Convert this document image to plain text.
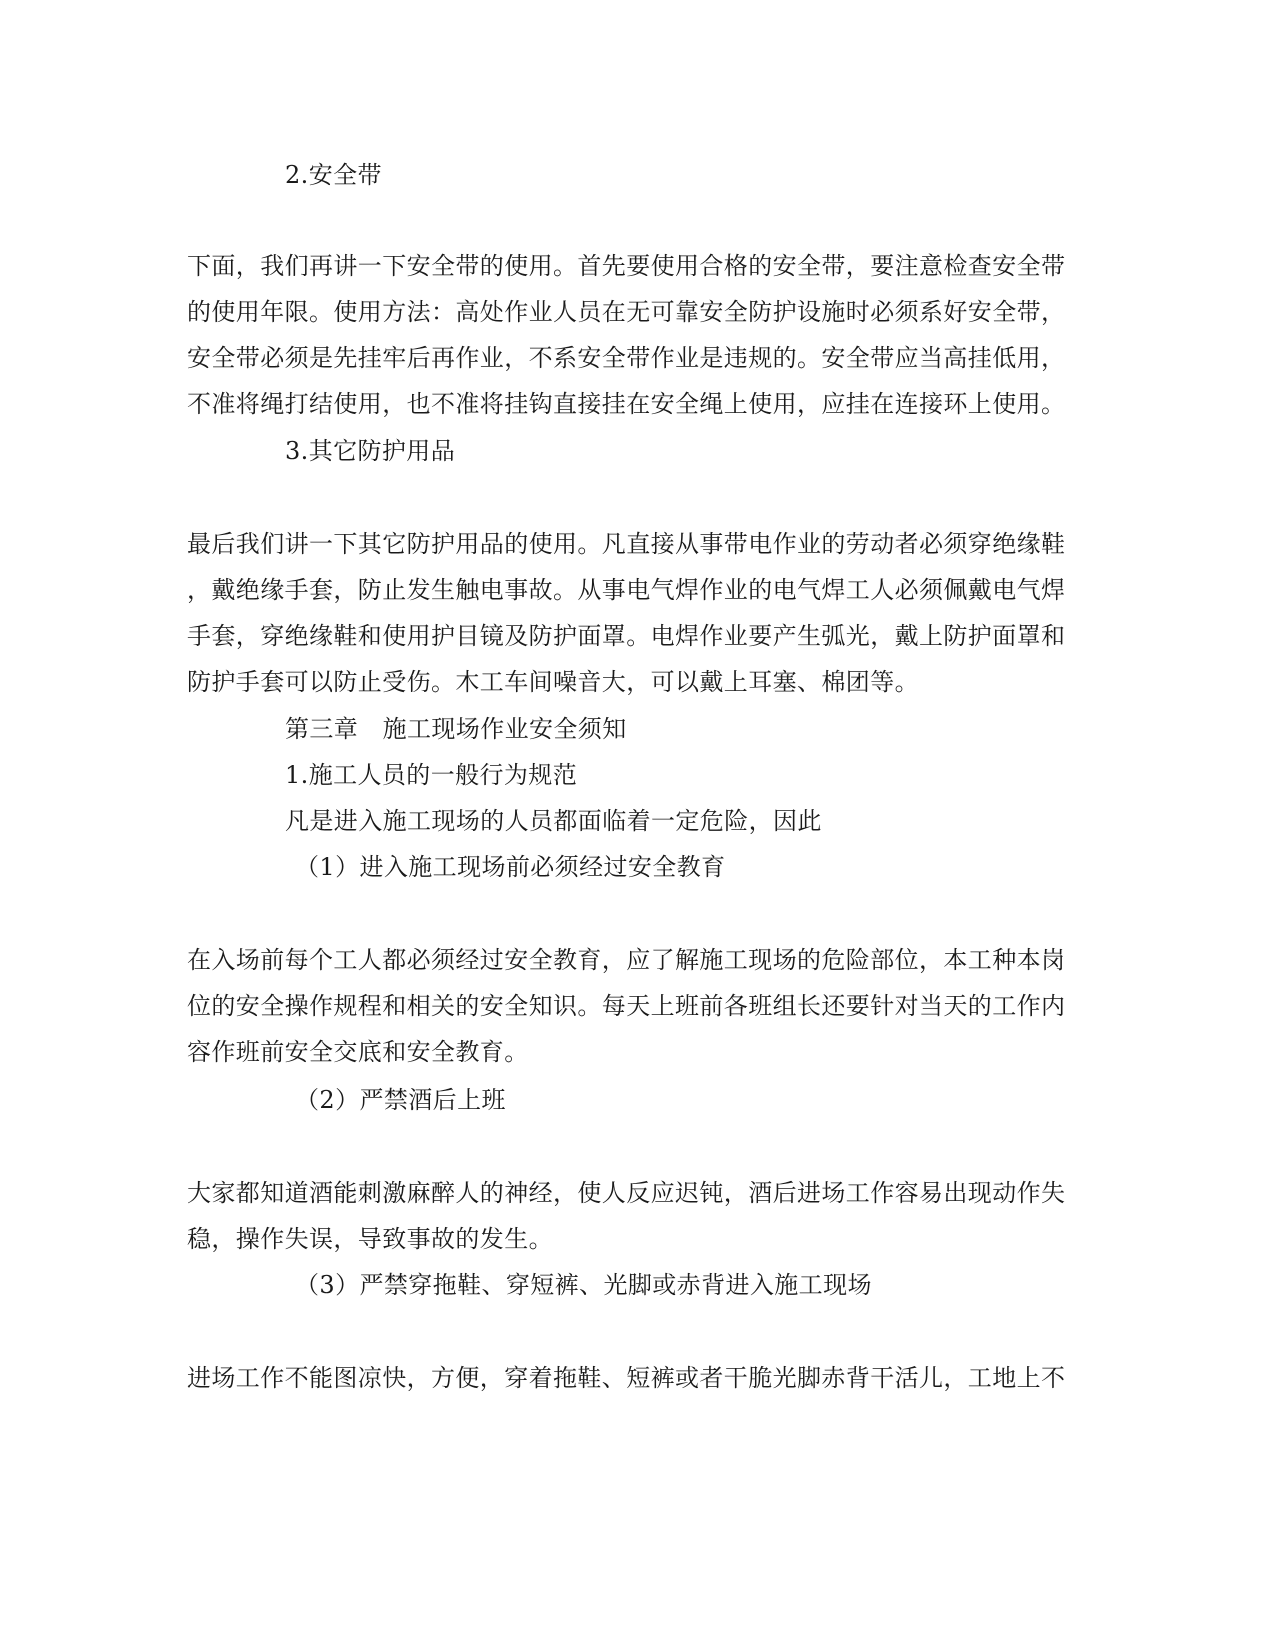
2.安全带
下面，我们再讲一下安全带的使用。首先要使用合格的安全带，要注意检查安全带
的使用年限。使用方法：高处作业人员在无可靠安全防护设施时必须系好安全带，
安全带必须是先挂牢后再作业，不系安全带作业是违规的。安全带应当高挂低用，
不准将绳打结使用，也不准将挂钩直接挂在安全绳上使用，应挂在连接环上使用。
3.其它防护用品
最后我们讲一下其它防护用品的使用。凡直接从事带电作业的劳动者必须穿绝缘鞋
，戴绝缘手套，防止发生触电事故。从事电气焊作业的电气焊工人必须佩戴电气焊
手套，穿绝缘鞋和使用护目镜及防护面罩。电焊作业要产生弧光，戴上防护面罩和
防护手套可以防止受伤。木工车间噪音大，可以戴上耳塞、棉团等。
第三章　施工现场作业安全须知
1.施工人员的一般行为规范
凡是进入施工现场的人员都面临着一定危险，因此
（1）进入施工现场前必须经过安全教育
在入场前每个工人都必须经过安全教育，应了解施工现场的危险部位，本工种本岗
位的安全操作规程和相关的安全知识。每天上班前各班组长还要针对当天的工作内
容作班前安全交底和安全教育。
（2）严禁酒后上班
大家都知道酒能刺激麻醉人的神经，使人反应迟钝，酒后进场工作容易出现动作失
稳，操作失误，导致事故的发生。
（3）严禁穿拖鞋、穿短裤、光脚或赤背进入施工现场
进场工作不能图凉快，方便，穿着拖鞋、短裤或者干脆光脚赤背干活儿，工地上不
